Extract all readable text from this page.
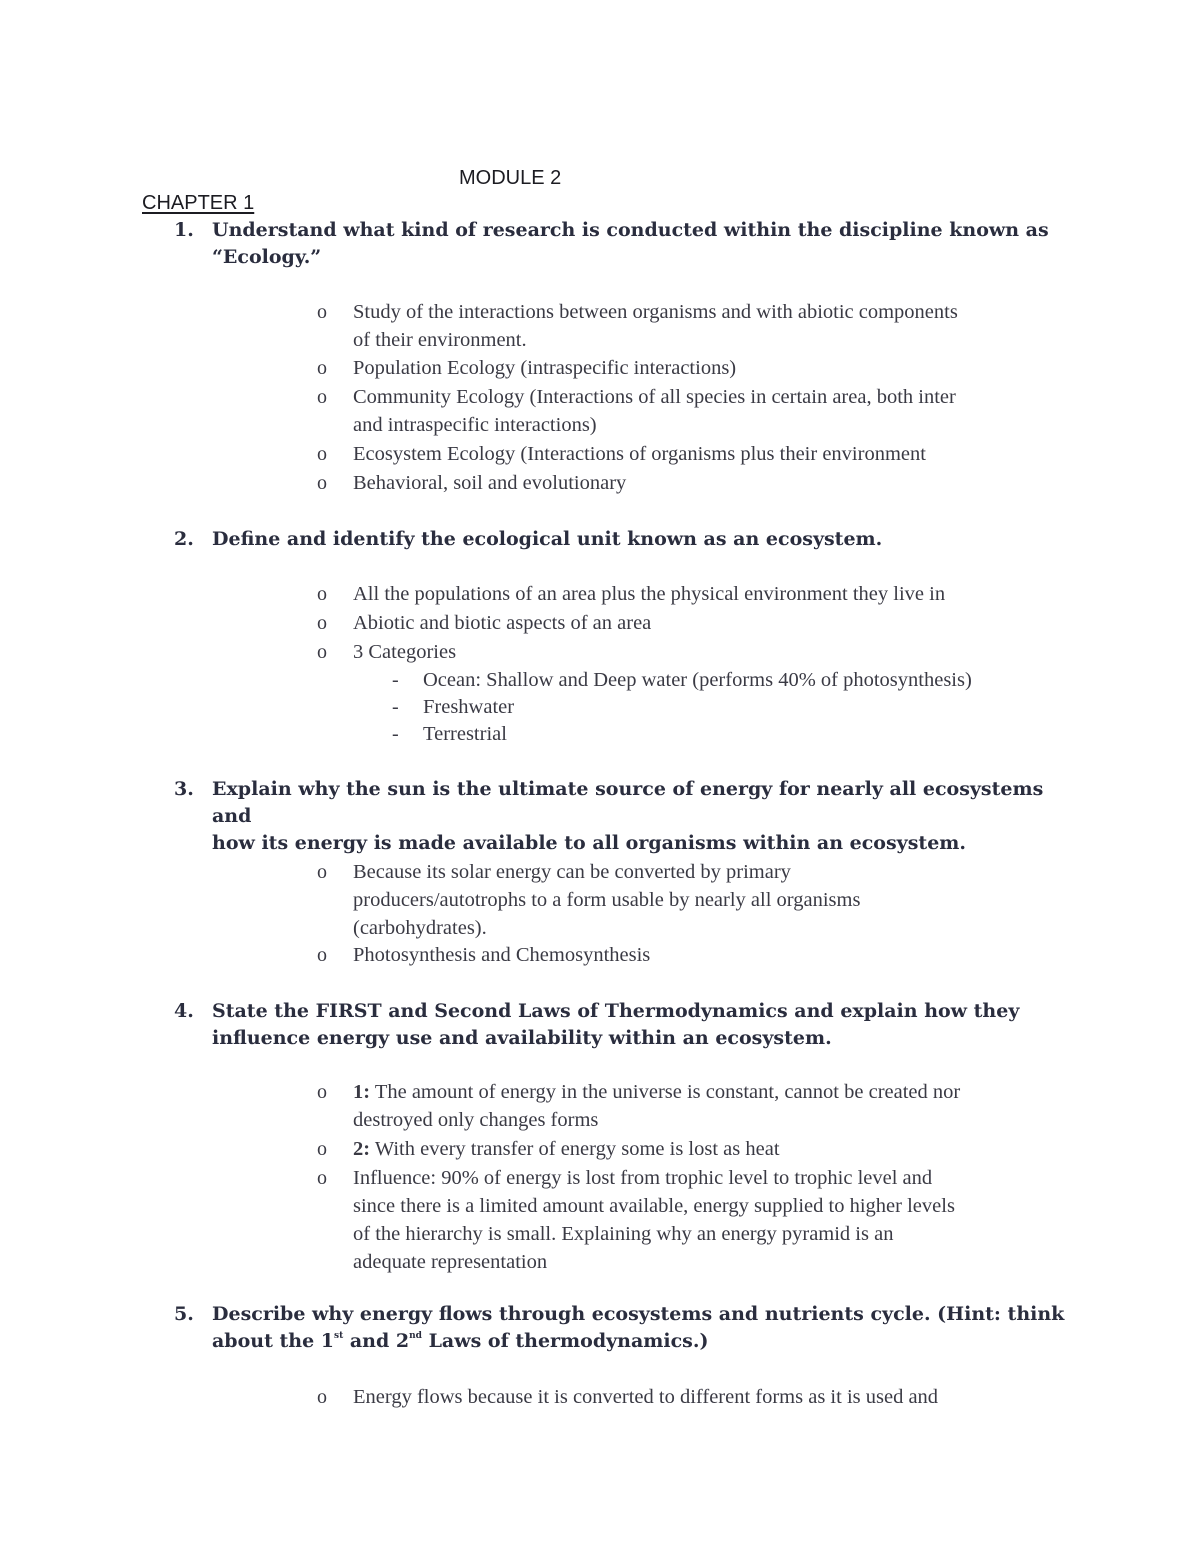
MODULE 2
CHAPTER 1
1. Understand what kind of research is conducted within the discipline known as
“Ecology.”
o Study of the interactions between organisms and with abiotic components
of their environment.
o Population Ecology (intraspecific interactions)
o Community Ecology (Interactions of all species in certain area, both inter
and intraspecific interactions)
o Ecosystem Ecology (Interactions of organisms plus their environment
o Behavioral, soil and evolutionary
2. Define and identify the ecological unit known as an ecosystem.
o All the populations of an area plus the physical environment they live in
o Abiotic and biotic aspects of an area
o 3 Categories
- Ocean: Shallow and Deep water (performs 40% of photosynthesis)
- Freshwater
- Terrestrial
3. Explain why the sun is the ultimate source of energy for nearly all ecosystems and
how its energy is made available to all organisms within an ecosystem.
o Because its solar energy can be converted by primary
producers/autotrophs to a form usable by nearly all organisms
(carbohydrates).
o Photosynthesis and Chemosynthesis
4. State the FIRST and Second Laws of Thermodynamics and explain how they
influence energy use and availability within an ecosystem.
o 1: The amount of energy in the universe is constant, cannot be created nor
destroyed only changes forms
o 2: With every transfer of energy some is lost as heat
o Influence: 90% of energy is lost from trophic level to trophic level and
since there is a limited amount available, energy supplied to higher levels
of the hierarchy is small. Explaining why an energy pyramid is an
adequate representation
5. Describe why energy flows through ecosystems and nutrients cycle. (Hint: think
about the 1st and 2nd Laws of thermodynamics.)
o Energy flows because it is converted to different forms as it is used and
